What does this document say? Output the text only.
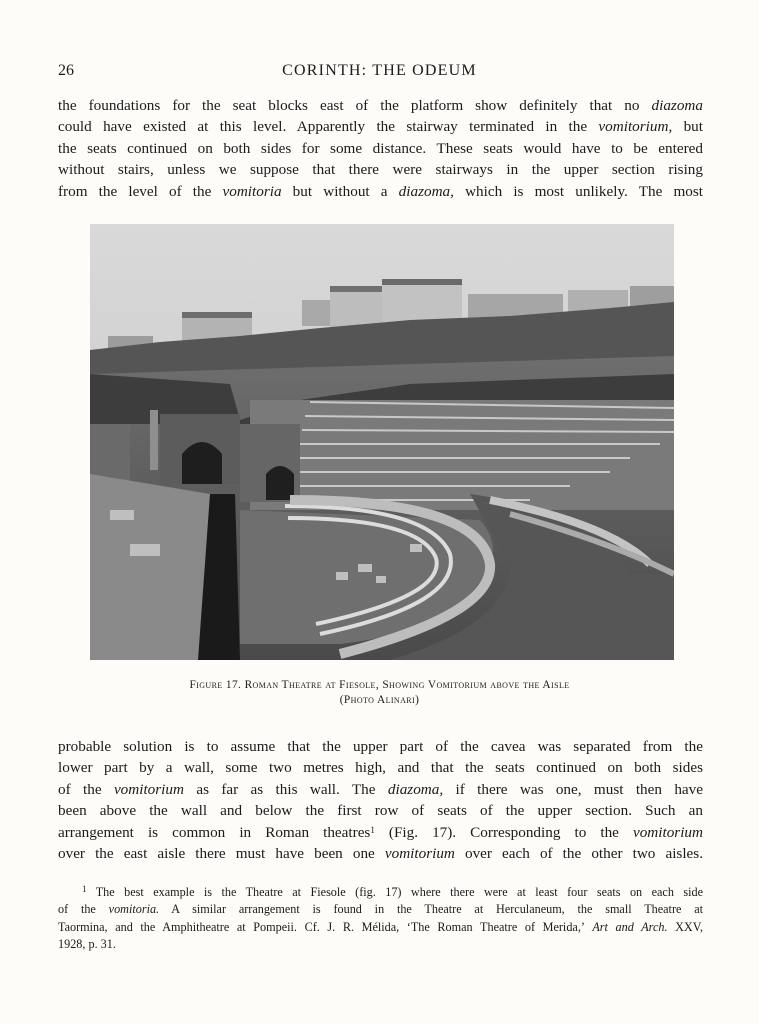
26	CORINTH: THE ODEUM
the foundations for the seat blocks east of the platform show definitely that no diazoma
could have existed at this level. Apparently the stairway terminated in the vomitorium, but
the seats continued on both sides for some distance. These seats would have to be entered
without stairs, unless we suppose that there were stairways in the upper section rising
from the level of the vomitoria but without a diazoma, which is most unlikely. The most
Figure 17. Roman Theatre at Fiesole, Showing Vomitorium above the Aisle
(Photo Alinari)
probable solution is to assume that the upper part of the cavea was separated from the
lower part by a wall, some two metres high, and that the seats continued on both sides
of the vomitorium as far as this wall. The diazoma, if there was one, must then have
been above the wall and below the first row of seats of the upper section. Such an
arrangement is common in Roman theatres$^1$ (Fig. 17). Corresponding to the vomitorium
over the east aisle there must have been one vomitorium over each of the other two aisles.
$^1$ The best example is the Theatre at Fiesole (fig. 17) where there were at least four seats on each side
of the vomitoria. A similar arrangement is found in the Theatre at Herculaneum, the small Theatre at
Taormina, and the Amphitheatre at Pompeii. Cf. J. R. Mélida, ‘The Roman Theatre of Merida,’ Art and Arch. XXV,
1928, p. 31.
